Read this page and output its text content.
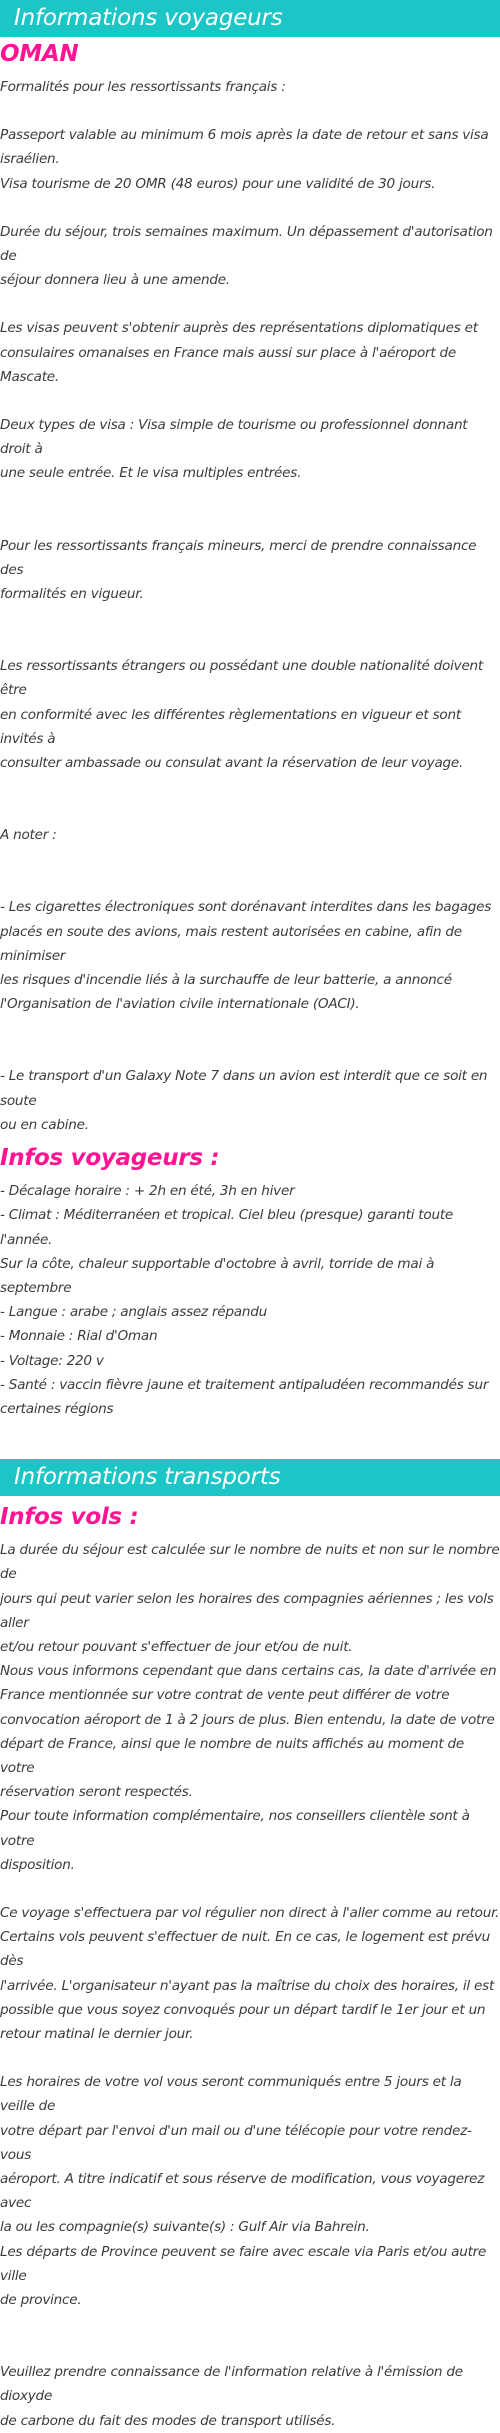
Informations voyageurs
OMAN

Formalités pour les ressortissants français :

Passeport valable au minimum 6 mois après la date de retour et sans visa
israélien.
Visa tourisme de 20 OMR (48 euros) pour une validité de 30 jours.

Durée du séjour, trois semaines maximum. Un dépassement d'autorisation de
séjour donnera lieu à une amende.

Les visas peuvent s'obtenir auprès des représentations diplomatiques et
consulaires omanaises en France mais aussi sur place à l'aéroport de Mascate.

Deux types de visa : Visa simple de tourisme ou professionnel donnant droit à
une seule entrée. Et le visa multiples entrées.

Pour les ressortissants français mineurs, merci de prendre connaissance des
formalités en vigueur.

Les ressortissants étrangers ou possédant une double nationalité doivent être
en conformité avec les différentes règlementations en vigueur et sont invités à
consulter ambassade ou consulat avant la réservation de leur voyage.

A noter :

- Les cigarettes électroniques sont dorénavant interdites dans les bagages
placés en soute des avions, mais restent autorisées en cabine, afin de minimiser
les risques d'incendie liés à la surchauffe de leur batterie, a annoncé
l'Organisation de l'aviation civile internationale (OACI).

- Le transport d'un Galaxy Note 7 dans un avion est interdit que ce soit en soute
ou en cabine.

Infos voyageurs :

- Décalage horaire : + 2h en été, 3h en hiver
- Climat : Méditerranéen et tropical. Ciel bleu (presque) garanti toute l'année.
Sur la côte, chaleur supportable d'octobre à avril, torride de mai à septembre
- Langue : arabe ; anglais assez répandu
- Monnaie : Rial d'Oman
- Voltage: 220 v
- Santé : vaccin fièvre jaune et traitement antipaludéen recommandés sur
certaines régions

Informations transports
Infos vols :

La durée du séjour est calculée sur le nombre de nuits et non sur le nombre de
jours qui peut varier selon les horaires des compagnies aériennes ; les vols aller
et/ou retour pouvant s'effectuer de jour et/ou de nuit.
Nous vous informons cependant que dans certains cas, la date d'arrivée en
France mentionnée sur votre contrat de vente peut différer de votre
convocation aéroport de 1 à 2 jours de plus. Bien entendu, la date de votre
départ de France, ainsi que le nombre de nuits affichés au moment de votre
réservation seront respectés.
Pour toute information complémentaire, nos conseillers clientèle sont à votre
disposition.

Ce voyage s'effectuera par vol régulier non direct à l'aller comme au retour.
Certains vols peuvent s'effectuer de nuit. En ce cas, le logement est prévu dès
l'arrivée. L'organisateur n'ayant pas la maîtrise du choix des horaires, il est
possible que vous soyez convoqués pour un départ tardif le 1er jour et un
retour matinal le dernier jour.

Les horaires de votre vol vous seront communiqués entre 5 jours et la veille de
votre départ par l'envoi d'un mail ou d'une télécopie pour votre rendez-vous
aéroport. A titre indicatif et sous réserve de modification, vous voyagerez avec
la ou les compagnie(s) suivante(s) : Gulf Air via Bahrein.
Les départs de Province peuvent se faire avec escale via Paris et/ou autre ville
de province.

Veuillez prendre connaissance de l'information relative à l'émission de dioxyde
de carbone du fait des modes de transport utilisés.
